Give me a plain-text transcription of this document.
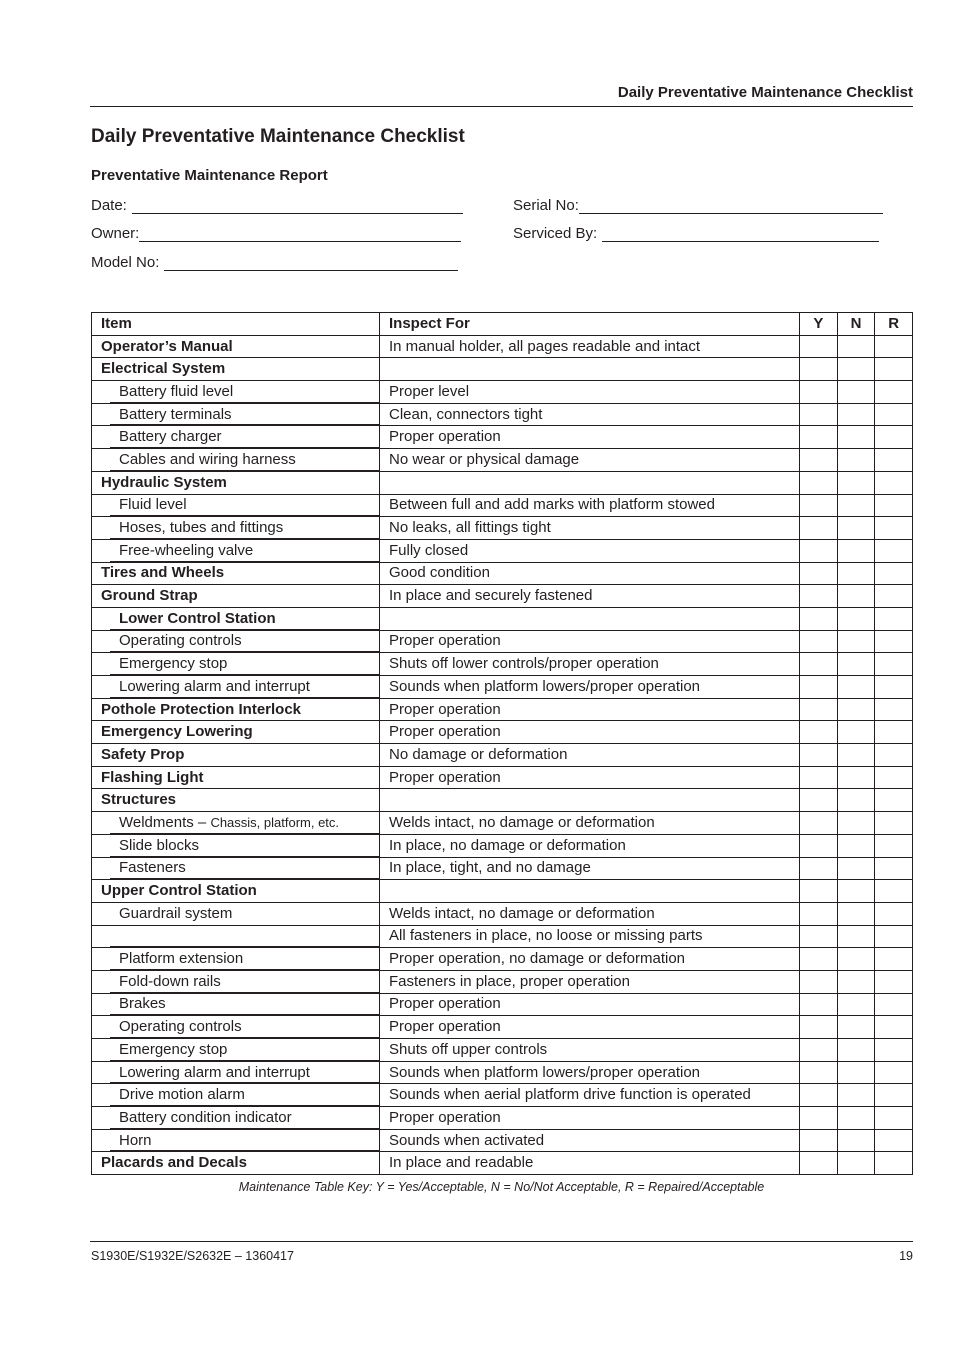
Daily Preventative Maintenance Checklist
Daily Preventative Maintenance Checklist
Preventative Maintenance Report
Date:
Owner:
Model No:
Serial No:
Serviced By:
Item	Inspect For	Y	N	R
Operator’s Manual	In manual holder, all pages readable and intact			
Electrical System				
Battery fluid level	Proper level			
Battery terminals	Clean, connectors tight			
Battery charger	Proper operation			
Cables and wiring harness	No wear or physical damage			
Hydraulic System				
Fluid level	Between full and add marks with platform stowed			
Hoses, tubes and fittings	No leaks, all fittings tight			
Free-wheeling valve	Fully closed			
Tires and Wheels	Good condition			
Ground Strap	In place and securely fastened			
Lower Control Station				
Operating controls	Proper operation			
Emergency stop	Shuts off lower controls/proper operation			
Lowering alarm and interrupt	Sounds when platform lowers/proper operation			
Pothole Protection Interlock	Proper operation			
Emergency Lowering	Proper operation			
Safety Prop	No damage or deformation			
Flashing Light	Proper operation			
Structures				
Weldments – Chassis, platform, etc.	Welds intact, no damage or deformation			
Slide blocks	In place, no damage or deformation			
Fasteners	In place, tight, and no damage			
Upper Control Station				
Guardrail system	Welds intact, no damage or deformation			
	All fasteners in place, no loose or missing parts			
Platform extension	Proper operation, no damage or deformation			
Fold-down rails	Fasteners in place, proper operation			
Brakes	Proper operation			
Operating controls	Proper operation			
Emergency stop	Shuts off upper controls			
Lowering alarm and interrupt	Sounds when platform lowers/proper operation			
Drive motion alarm	Sounds when aerial platform drive function is operated			
Battery condition indicator	Proper operation			
Horn	Sounds when activated			
Placards and Decals	In place and readable			
Maintenance Table Key: Y = Yes/Acceptable, N = No/Not Acceptable, R = Repaired/Acceptable
S1930E/S1932E/S2632E – 1360417	19
